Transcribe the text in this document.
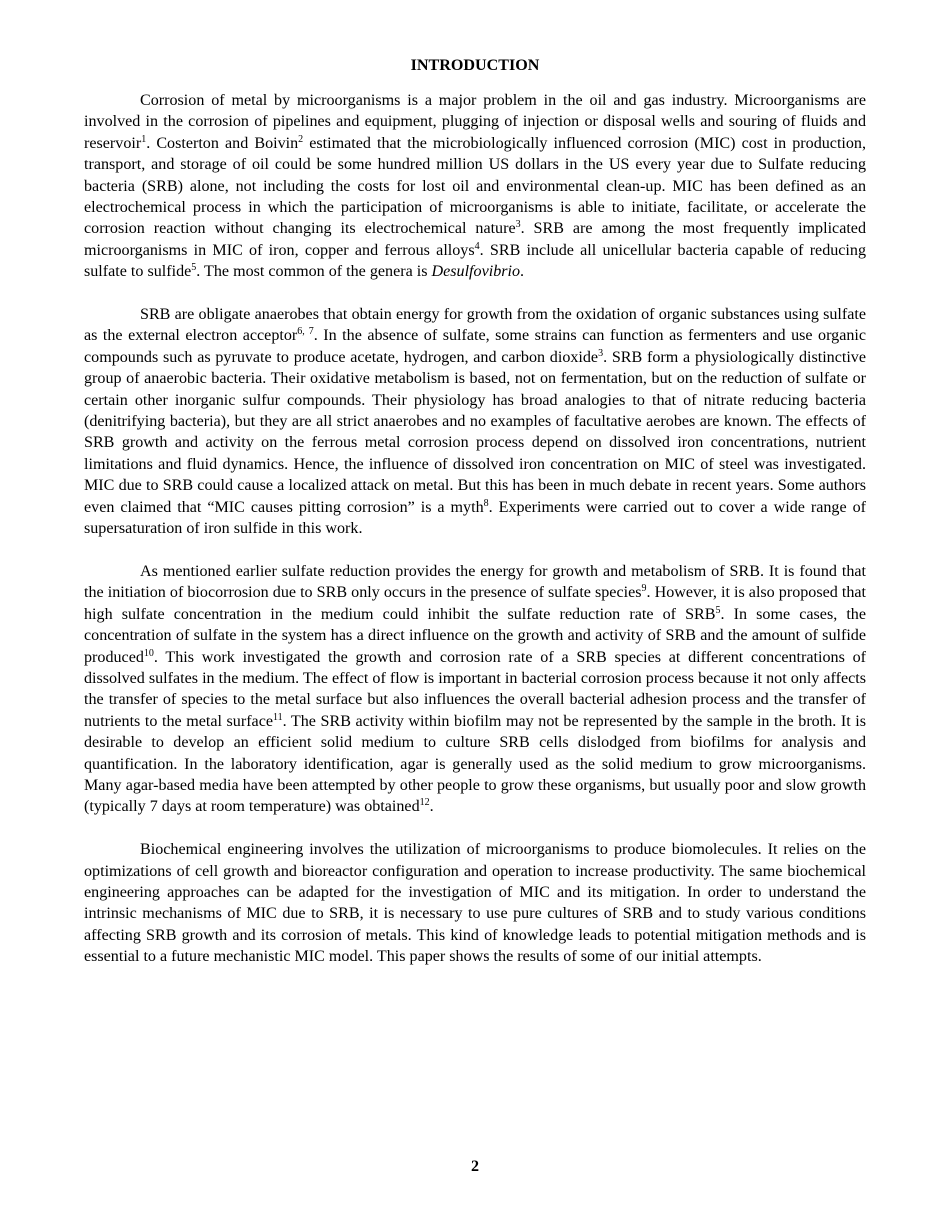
INTRODUCTION

Corrosion of metal by microorganisms is a major problem in the oil and gas industry. Microorganisms are involved in the corrosion of pipelines and equipment, plugging of injection or disposal wells and souring of fluids and reservoir$^1$. Costerton and Boivin$^2$ estimated that the microbiologically influenced corrosion (MIC) cost in production, transport, and storage of oil could be some hundred million US dollars in the US every year due to Sulfate reducing bacteria (SRB) alone, not including the costs for lost oil and environmental clean-up. MIC has been defined as an electrochemical process in which the participation of microorganisms is able to initiate, facilitate, or accelerate the corrosion reaction without changing its electrochemical nature$^3$. SRB are among the most frequently implicated microorganisms in MIC of iron, copper and ferrous alloys$^4$. SRB include all unicellular bacteria capable of reducing sulfate to sulfide$^5$. The most common of the genera is Desulfovibrio.

SRB are obligate anaerobes that obtain energy for growth from the oxidation of organic substances using sulfate as the external electron acceptor$^{6, 7}$. In the absence of sulfate, some strains can function as fermenters and use organic compounds such as pyruvate to produce acetate, hydrogen, and carbon dioxide$^3$. SRB form a physiologically distinctive group of anaerobic bacteria. Their oxidative metabolism is based, not on fermentation, but on the reduction of sulfate or certain other inorganic sulfur compounds. Their physiology has broad analogies to that of nitrate reducing bacteria (denitrifying bacteria), but they are all strict anaerobes and no examples of facultative aerobes are known. The effects of SRB growth and activity on the ferrous metal corrosion process depend on dissolved iron concentrations, nutrient limitations and fluid dynamics. Hence, the influence of dissolved iron concentration on MIC of steel was investigated. MIC due to SRB could cause a localized attack on metal. But this has been in much debate in recent years. Some authors even claimed that “MIC causes pitting corrosion” is a myth$^8$. Experiments were carried out to cover a wide range of supersaturation of iron sulfide in this work.

As mentioned earlier sulfate reduction provides the energy for growth and metabolism of SRB. It is found that the initiation of biocorrosion due to SRB only occurs in the presence of sulfate species$^9$. However, it is also proposed that high sulfate concentration in the medium could inhibit the sulfate reduction rate of SRB$^5$. In some cases, the concentration of sulfate in the system has a direct influence on the growth and activity of SRB and the amount of sulfide produced$^{10}$. This work investigated the growth and corrosion rate of a SRB species at different concentrations of dissolved sulfates in the medium. The effect of flow is important in bacterial corrosion process because it not only affects the transfer of species to the metal surface but also influences the overall bacterial adhesion process and the transfer of nutrients to the metal surface$^{11}$. The SRB activity within biofilm may not be represented by the sample in the broth. It is desirable to develop an efficient solid medium to culture SRB cells dislodged from biofilms for analysis and quantification. In the laboratory identification, agar is generally used as the solid medium to grow microorganisms. Many agar-based media have been attempted by other people to grow these organisms, but usually poor and slow growth (typically 7 days at room temperature) was obtained$^{12}$.

Biochemical engineering involves the utilization of microorganisms to produce biomolecules. It relies on the optimizations of cell growth and bioreactor configuration and operation to increase productivity. The same biochemical engineering approaches can be adapted for the investigation of MIC and its mitigation. In order to understand the intrinsic mechanisms of MIC due to SRB, it is necessary to use pure cultures of SRB and to study various conditions affecting SRB growth and its corrosion of metals. This kind of knowledge leads to potential mitigation methods and is essential to a future mechanistic MIC model. This paper shows the results of some of our initial attempts.

2
